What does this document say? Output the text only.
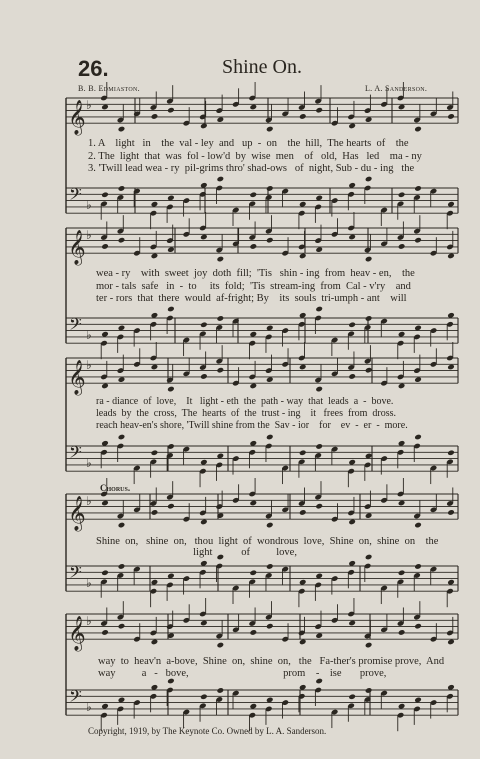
26.	Shine On.
B. B. Edmiaston.	L. A. Sanderson.
𝄞 ♭
𝄢 ♭
𝄞 ♭
𝄢 ♭
𝄞 ♭
𝄢 ♭
𝄞 ♭
𝄢 ♭
𝄞 ♭
𝄢 ♭
1. A    light   in    the  val - ley  and   up  -  on    the  hill,  The hearts  of    the
2. The  light  that  was  fol - low'd  by  wise  men    of   old,  Has   led    ma - ny
3. 'Twill lead wea - ry  pil-grims thro' shad-ows   of  night, Sub - du - ing   the
wea - ry    with  sweet  joy  doth  fill;  'Tis   shin - ing  from  heav - en,    the
mor - tals  safe   in  -  to     its  fold;  'Tis  stream-ing  from  Cal - v'ry    and
ter - rors  that  there  would  af-fright; By    its  souls  tri-umph - ant    will
ra - diance  of  love,    It   light - eth  the  path - way  that  leads  a  -  bove.
leads  by  the  cross,  The  hearts  of  the  trust - ing    it   frees  from  dross.
reach heav-en's shore, 'Twill shine from the  Sav - ior    for    ev  -  er  -  more.
Chorus.
Shine  on,   shine  on,   thou  light  of  wondrous  love,  Shine  on,  shine  on    the
light           of          love,
way  to  heav'n  a-bove,  Shine  on,  shine  on,   the   Fa-ther's promise prove,  And
way          a   -   bove,                                    prom    -    ise       prove,
Copyright, 1919, by The Keynote Co. Owned by L. A. Sanderson.
